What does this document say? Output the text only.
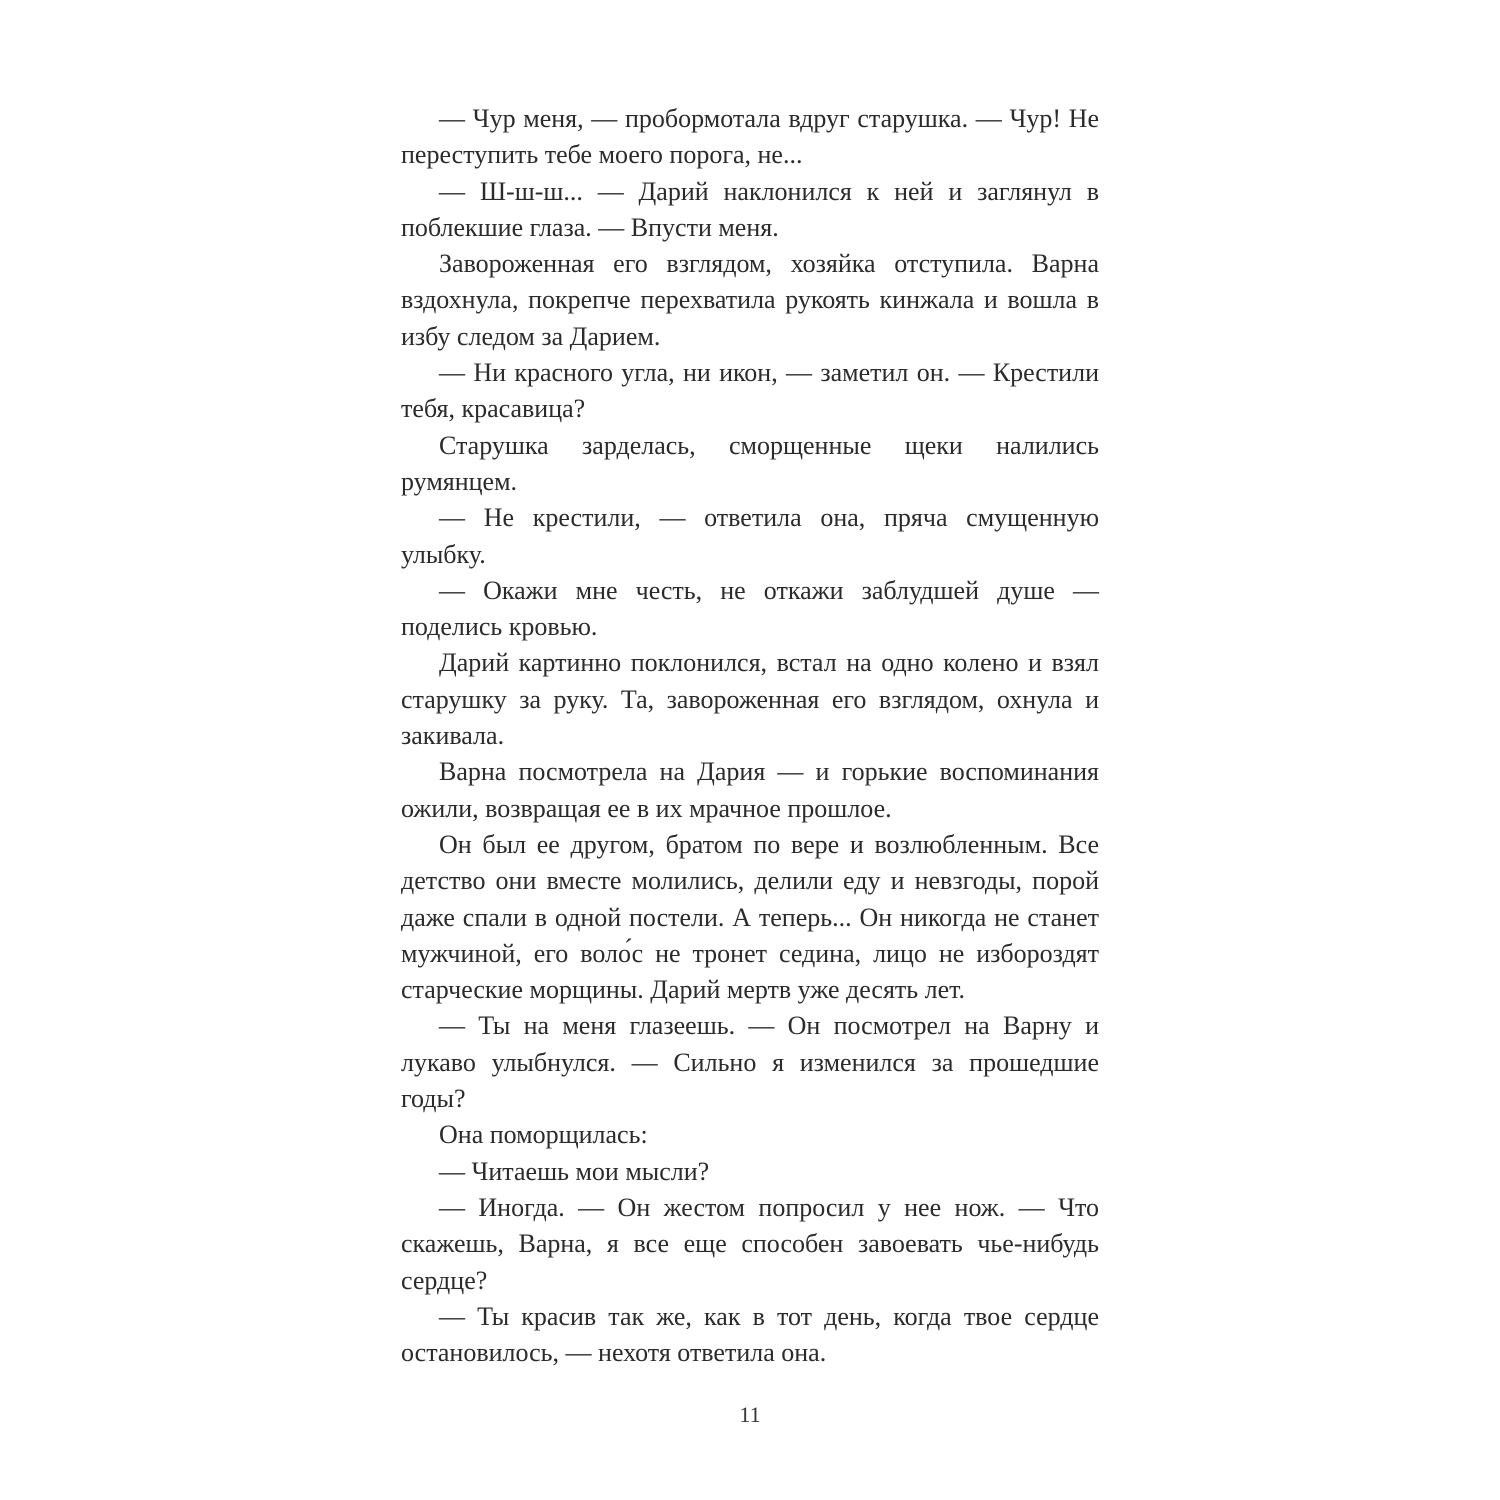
— Чур меня, — пробормотала вдруг старушка. — Чур! Не переступить тебе моего порога, не...

— Ш-ш-ш... — Дарий наклонился к ней и заглянул в поблекшие глаза. — Впусти меня.

Завороженная его взглядом, хозяйка отступила. Варна вздохнула, покрепче перехватила рукоять кинжала и вошла в избу следом за Дарием.

— Ни красного угла, ни икон, — заметил он. — Крестили тебя, красавица?

Старушка зарделась, сморщенные щеки налились румянцем.

— Не крестили, — ответила она, пряча смущенную улыбку.

— Окажи мне честь, не откажи заблудшей душе — поделись кровью.

Дарий картинно поклонился, встал на одно колено и взял старушку за руку. Та, завороженная его взглядом, охнула и закивала.

Варна посмотрела на Дария — и горькие воспоминания ожили, возвращая ее в их мрачное прошлое.

Он был ее другом, братом по вере и возлюбленным. Все детство они вместе молились, делили еду и невзгоды, порой даже спали в одной постели. А теперь... Он никогда не станет мужчиной, его воло́с не тронет седина, лицо не избороздят старческие морщины. Дарий мертв уже десять лет.

— Ты на меня глазеешь. — Он посмотрел на Варну и лукаво улыбнулся. — Сильно я изменился за прошедшие годы?

Она поморщилась:

— Читаешь мои мысли?

— Иногда. — Он жестом попросил у нее нож. — Что скажешь, Варна, я все еще способен завоевать чье-нибудь сердце?

— Ты красив так же, как в тот день, когда твое сердце остановилось, — нехотя ответила она.

11
